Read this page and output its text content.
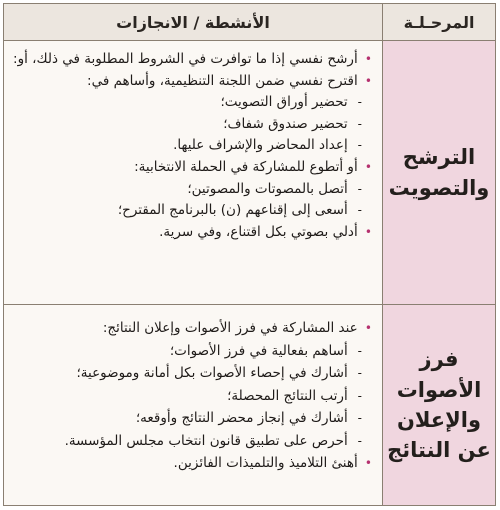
الأنشطة / الانجازات	المرحـلـة
الترشح والتصويت
• أرشح نفسي إذا ما توافرت في الشروط المطلوبة في ذلك، أو:
• اقترح نفسي ضمن اللجنة التنظيمية، وأساهم في:
- تحضير أوراق التصويت؛
- تحضير صندوق شفاف؛
- إعداد المحاضر والإشراف عليها.
• أو أتطوع للمشاركة في الحملة الانتخابية:
- أتصل بالمصوتات والمصوتين؛
- أسعى إلى إقناعهم (ن) بالبرنامج المقترح؛
• أدلي بصوتي بكل اقتناع، وفي سرية.
فرز الأصوات والإعلان عن النتائج
• عند المشاركة في فرز الأصوات وإعلان النتائج:
- أساهم بفعالية في فرز الأصوات؛
- أشارك في إحصاء الأصوات بكل أمانة وموضوعية؛
- أرتب النتائج المحصلة؛
- أشارك في إنجاز محضر النتائج وأوقعه؛
- أحرص على تطبيق قانون انتخاب مجلس المؤسسة.
• أهنئ التلاميذ والتلميذات الفائزين.
